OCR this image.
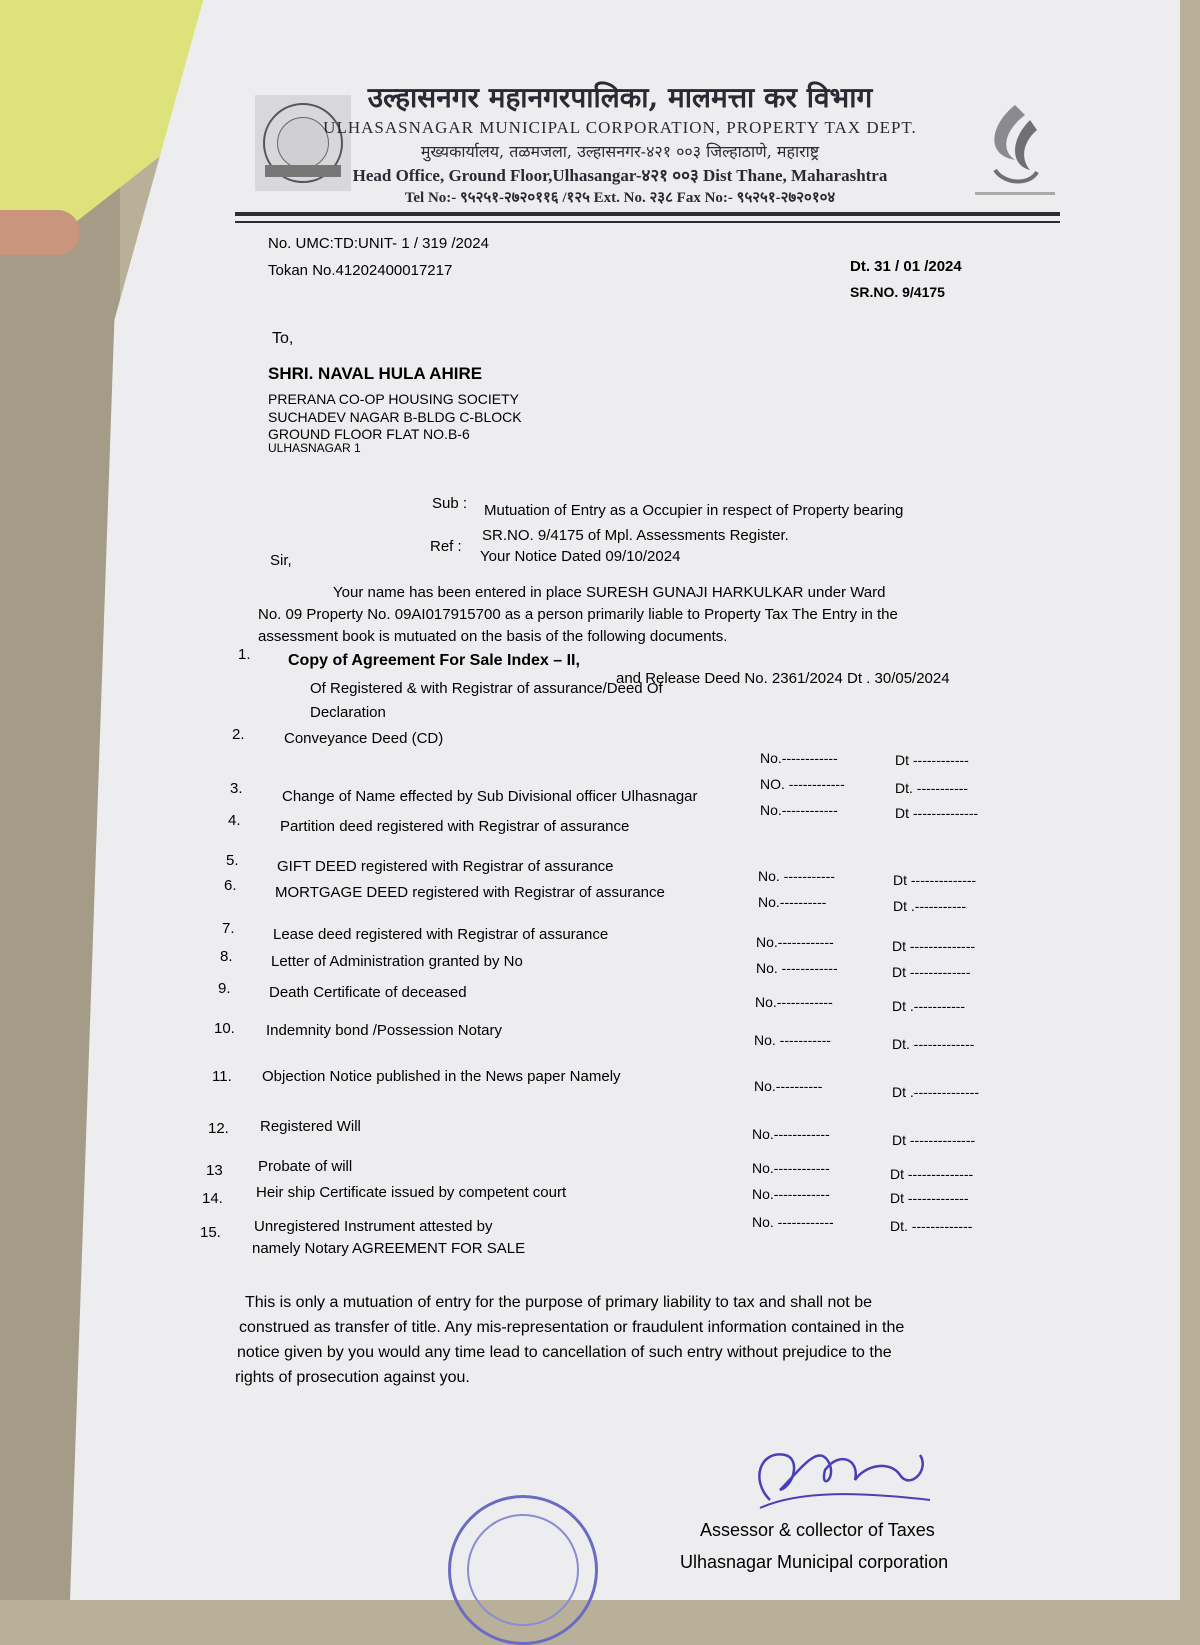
उल्हासनगर महानगरपालिका, मालमत्ता कर विभाग
ULHASASNAGAR MUNICIPAL CORPORATION, PROPERTY TAX DEPT.
मुख्यकार्यालय, तळमजला, उल्हासनगर-४२१ ००३ जिल्हाठाणे, महाराष्ट्र
Head Office, Ground Floor,Ulhasangar-४२१ ००३ Dist Thane, Maharashtra
Tel No:- ९५२५१-२७२०११६ /१२५ Ext. No. २३८ Fax No:- ९५२५१-२७२०१०४
No. UMC:TD:UNIT- 1 / 319 /2024
Tokan No.41202400017217	Dt. 31 / 01 /2024
SR.NO. 9/4175
To,
SHRI. NAVAL HULA AHIRE
PRERANA CO-OP HOUSING SOCIETY
SUCHADEV NAGAR B-BLDG C-BLOCK
GROUND FLOOR FLAT NO.B-6
ULHASNAGAR 1
Sub : Mutuation of Entry as a Occupier in respect of Property bearing
SR.NO. 9/4175 of Mpl. Assessments Register.
Ref :
Your Notice Dated 09/10/2024
Sir,
Your name has been entered in place SURESH GUNAJI HARKULKAR under Ward
No. 09 Property No. 09AI017915700 as a person primarily liable to Property Tax The Entry in the
assessment book is mutuated on the basis of the following documents.
1. Copy of Agreement For Sale Index – II,
and Release Deed No. 2361/2024 Dt . 30/05/2024
Of Registered & with Registrar of assurance/Deed Of
Declaration
2.	Conveyance Deed (CD)
No.------------	Dt ------------
3.	Change of Name effected by Sub Divisional officer Ulhasnagar
NO. ------------	Dt. -----------
4.	Partition deed registered with Registrar of assurance
No.------------	Dt --------------
5.	GIFT DEED registered with Registrar of assurance
No. -----------	Dt --------------
6.	MORTGAGE DEED registered with Registrar of assurance
No.----------	Dt .-----------
7.	Lease deed registered with Registrar of assurance	No.------------	Dt --------------
8.	Letter of Administration granted by No	No. ------------	Dt -------------
9.	Death Certificate of deceased
No.------------	Dt .-----------
10. Indemnity bond /Possession Notary
No. -----------	Dt. -------------
11. Objection Notice published in the News paper Namely
No.----------	Dt .--------------
12. Registered Will	No.------------	Dt --------------
13 Probate of will	No.------------	Dt --------------
14. Heir ship Certificate issued by competent court	No.------------	Dt -------------
15. Unregistered Instrument attested by
namely Notary AGREEMENT FOR SALE
No. ------------	Dt. -------------
This is only a mutuation of entry for the purpose of primary liability to tax and shall not be
construed as transfer of title. Any mis-representation or fraudulent information contained in the
notice given by you would any time lead to cancellation of such entry without prejudice to the
rights of prosecution against you.
Assessor & collector of Taxes
Ulhasnagar Municipal corporation
